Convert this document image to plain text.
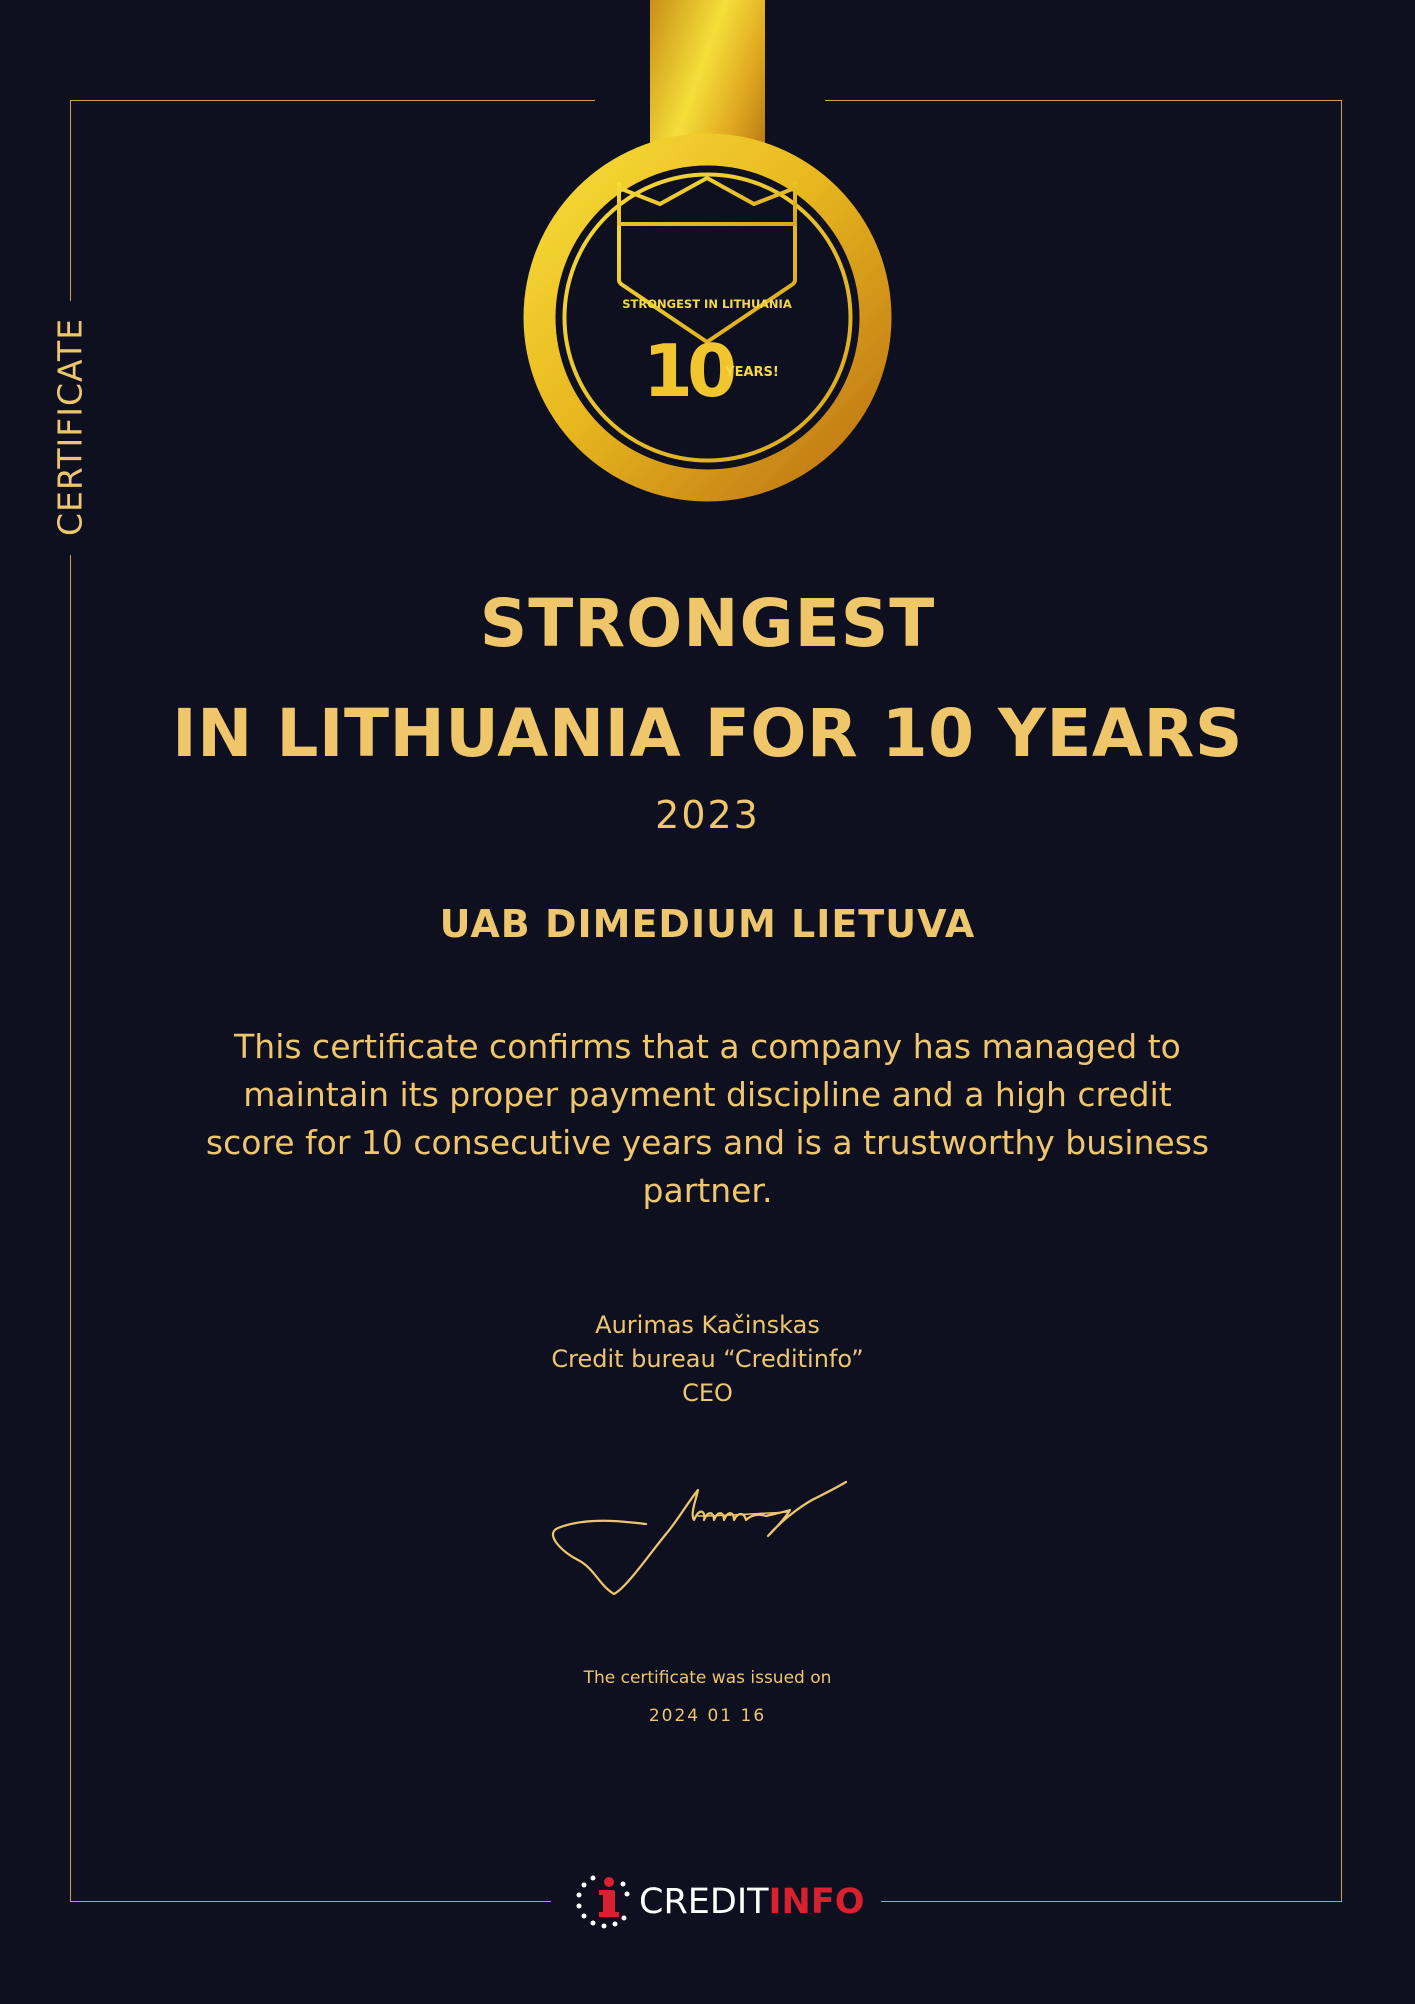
CERTIFICATE
STRONGEST IN LITHUANIA
10
YEARS!
STRONGEST
IN LITHUANIA FOR 10 YEARS
2023
UAB DIMEDIUM LIETUVA
This certificate confirms that a company has managed to maintain its proper payment discipline and a high credit score for 10 consecutive years and is a trustworthy business partner.
Aurimas Kačinskas
Credit bureau “Creditinfo”
CEO
The certificate was issued on
2024 01 16
CREDITINFO
